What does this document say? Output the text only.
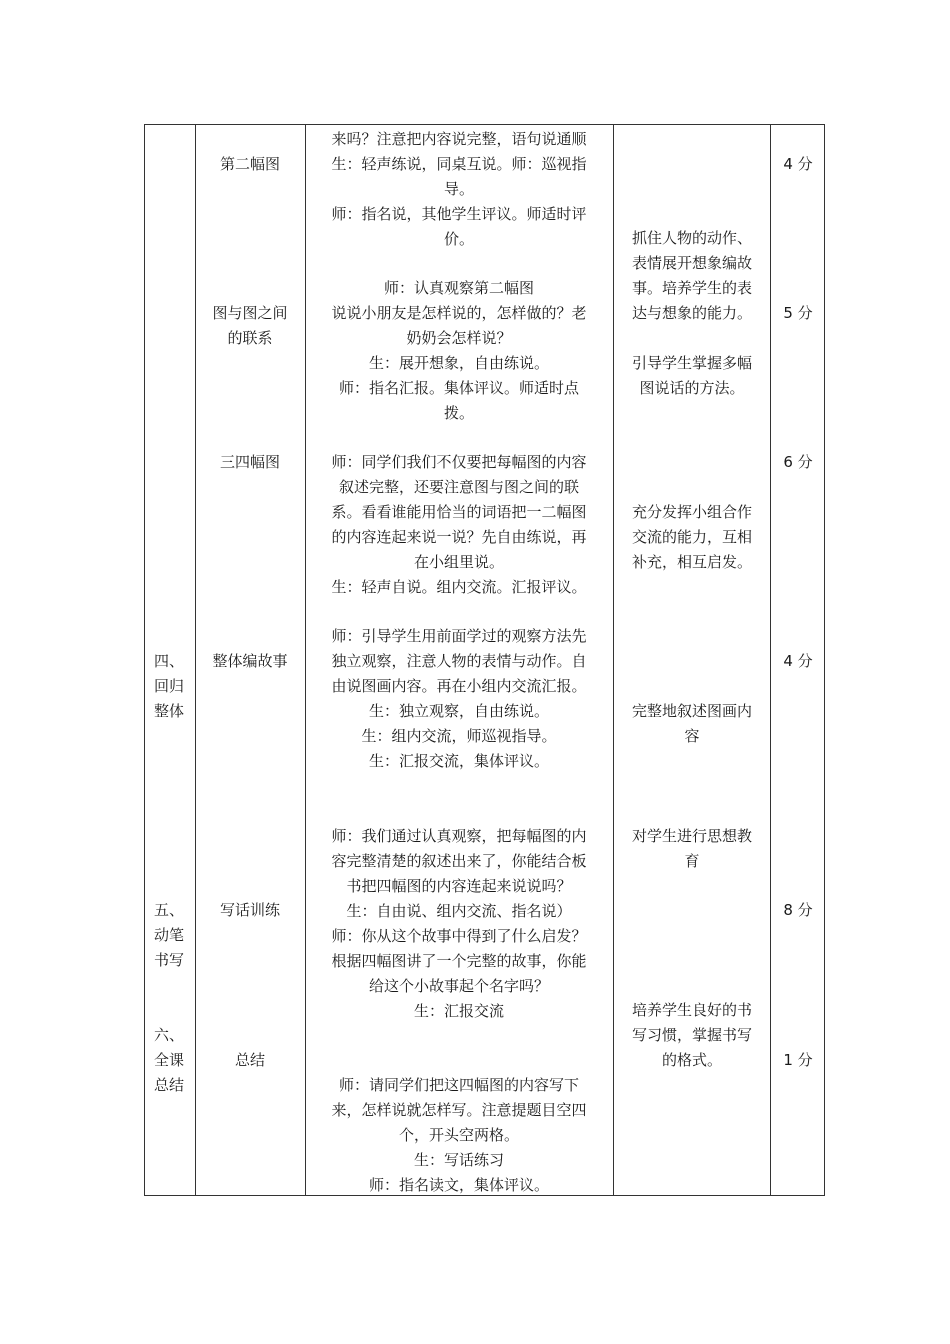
四、
回归
整体
五、
动笔
书写
六、
全课
总结
第二幅图
图与图之间
的联系
三四幅图
整体编故事
写话训练
总结
来吗？注意把内容说完整，语句说通顺
生：轻声练说，同桌互说。师：巡视指
导。
师：指名说，其他学生评议。师适时评
价。
师：认真观察第二幅图
说说小朋友是怎样说的，怎样做的？老
奶奶会怎样说？
生：展开想象，自由练说。
师：指名汇报。集体评议。师适时点
拨。
师：同学们我们不仅要把每幅图的内容
叙述完整，还要注意图与图之间的联
系。看看谁能用恰当的词语把一二幅图
的内容连起来说一说？先自由练说，再
在小组里说。
生：轻声自说。组内交流。汇报评议。
师：引导学生用前面学过的观察方法先
独立观察，注意人物的表情与动作。自
由说图画内容。再在小组内交流汇报。
生：独立观察，自由练说。
生：组内交流，师巡视指导。
生：汇报交流，集体评议。
师：我们通过认真观察，把每幅图的内
容完整清楚的叙述出来了，你能结合板
书把四幅图的内容连起来说说吗？
生：自由说、组内交流、指名说）
师：你从这个故事中得到了什么启发？
根据四幅图讲了一个完整的故事，你能
给这个小故事起个名字吗？
生：汇报交流
师：请同学们把这四幅图的内容写下
来，怎样说就怎样写。注意提题目空四
个，开头空两格。
生：写话练习
师：指名读文，集体评议。
抓住人物的动作、
表情展开想象编故
事。培养学生的表
达与想象的能力。
引导学生掌握多幅
图说话的方法。
充分发挥小组合作
交流的能力，互相
补充，相互启发。
完整地叙述图画内
容
对学生进行思想教
育
培养学生良好的书
写习惯，掌握书写
的格式。
4 分
5 分
6 分
4 分
8 分
1 分
